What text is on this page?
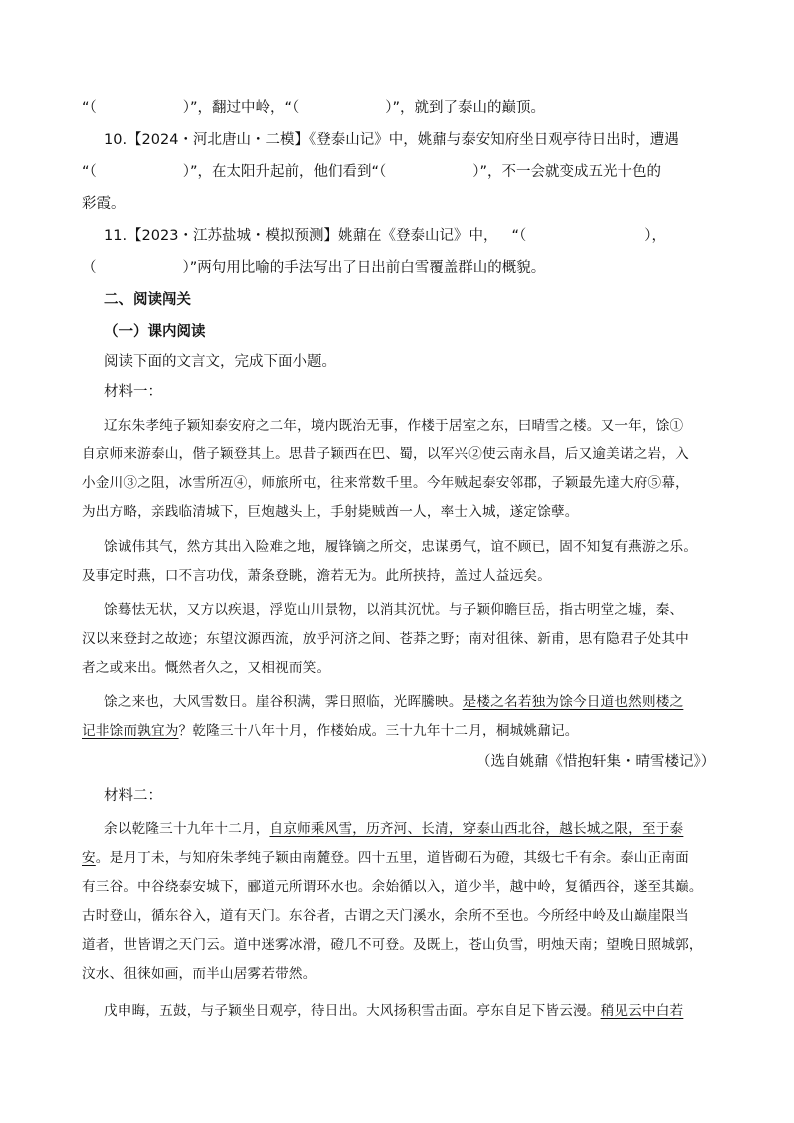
“（	）”，翻过中岭，“（	）”，就到了泰山的巅顶。
10.【2024・河北唐山・二模】《登泰山记》中，姚鼐与泰安知府坐日观亭待日出时，遭遇
“（	）”，在太阳升起前，他们看到“（	）”，不一会就变成五光十色的
彩霞。
11.【2023・江苏盐城・模拟预测】姚鼐在《登泰山记》中， “（	），
（	）”两句用比喻的手法写出了日出前白雪覆盖群山的概貌。
二、阅读闯关
（一）课内阅读
阅读下面的文言文，完成下面小题。
材料一：
辽东朱孝纯子颖知泰安府之二年，境内既治无事，作楼于居室之东，曰晴雪之楼。又一年，馀①
自京师来游泰山，偕子颖登其上。思昔子颖西在巴、蜀，以军兴②使云南永昌，后又逾美诺之岩，入
小金川③之阻，冰雪所冱④，师旅所屯，往来常数千里。今年贼起泰安邻郡，子颖最先達大府⑤幕，
为出方略，亲践临清城下，巨炮越头上，手射毙贼酋一人，率士入城，遂定馀孽。
馀诚伟其气，然方其出入险难之地，履锋镝之所交，忠谋勇气，谊不顾已，固不知复有燕游之乐。
及事定时燕，口不言功伐，萧条登眺，澹若无为。此所挟持，盖过人益远矣。
馀蓦怯无状，又方以疾退，浮览山川景物，以消其沉忧。与子颖仰瞻巨岳，指古明堂之墟，秦、
汉以来登封之故迹；东望汶源西流，放乎河济之间、苍莽之野；南对徂徕、新甫，思有隐君子处其中
者之或来出。慨然者久之，又相视而笑。
馀之来也，大风雪数日。崖谷积满，霁日照临，光晖騰映。是楼之名若独为馀今日道也然则楼之
记非馀而孰宜为？乾隆三十八年十月，作楼始成。三十九年十二月，桐城姚鼐记。
（选自姚鼐《惜抱轩集・晴雪楼记》）
材料二：
余以乾隆三十九年十二月，自京师乘风雪，历齐河、长清，穿泰山西北谷，越长城之限，至于泰
安。是月丁未，与知府朱孝纯子颖由南麓登。四十五里，道皆砌石为磴，其级七千有余。泰山正南面
有三谷。中谷绕泰安城下，郦道元所谓环水也。余始循以入，道少半，越中岭，复循西谷，遂至其巅。
古时登山，循东谷入，道有天门。东谷者，古谓之天门溪水，余所不至也。今所经中岭及山巅崖限当
道者，世皆谓之天门云。道中迷雾冰滑，磴几不可登。及既上，苍山负雪，明烛天南；望晚日照城郭，
汶水、徂徕如画，而半山居雾若带然。
戊申晦，五鼓，与子颖坐日观亭，待日出。大风扬积雪击面。亭东自足下皆云漫。稍见云中白若
